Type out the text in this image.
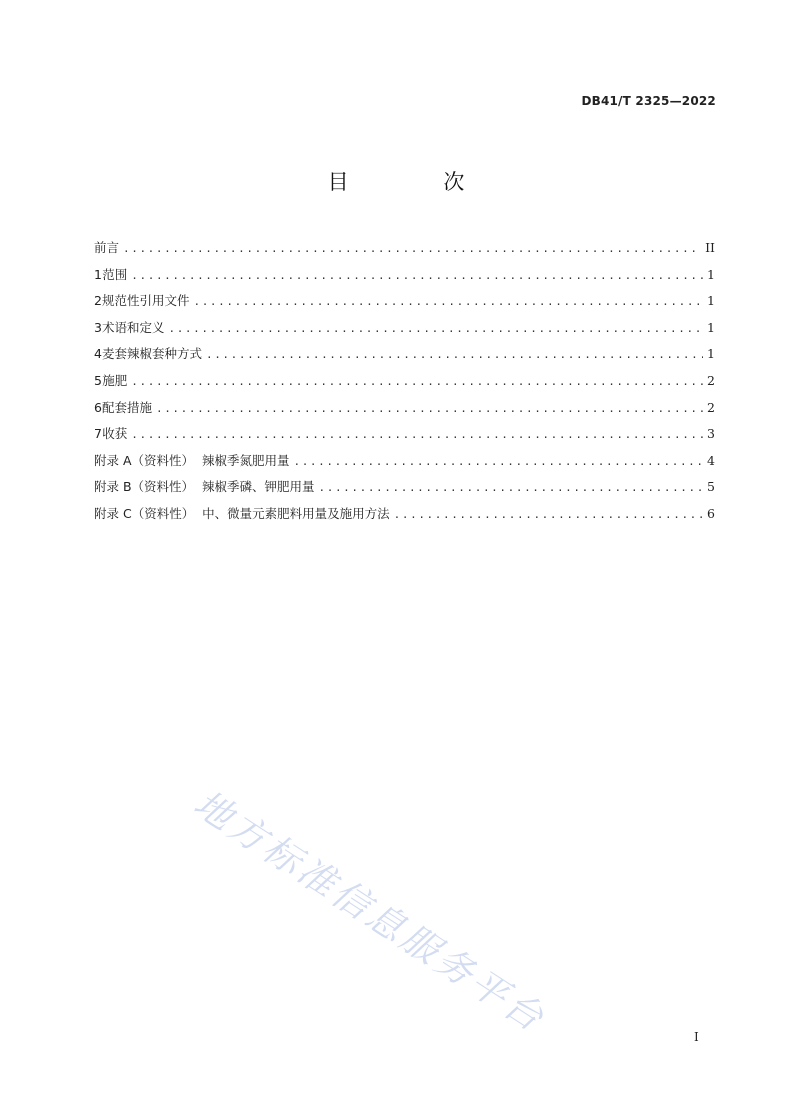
DB41/T 2325—2022
目 次
前言 .....	II
1 范围 .....	1
2 规范性引用文件 .....	1
3 术语和定义 .....	1
4 麦套辣椒套种方式 .....	1
5 施肥 .....	2
6 配套措施 .....	2
7 收获 .....	3
附录 A（资料性）  辣椒季氮肥用量 .....	4
附录 B（资料性）  辣椒季磷、钾肥用量 .....	5
附录 C（资料性）  中、微量元素肥料用量及施用方法 .....	6
地方标准信息服务平台	I
